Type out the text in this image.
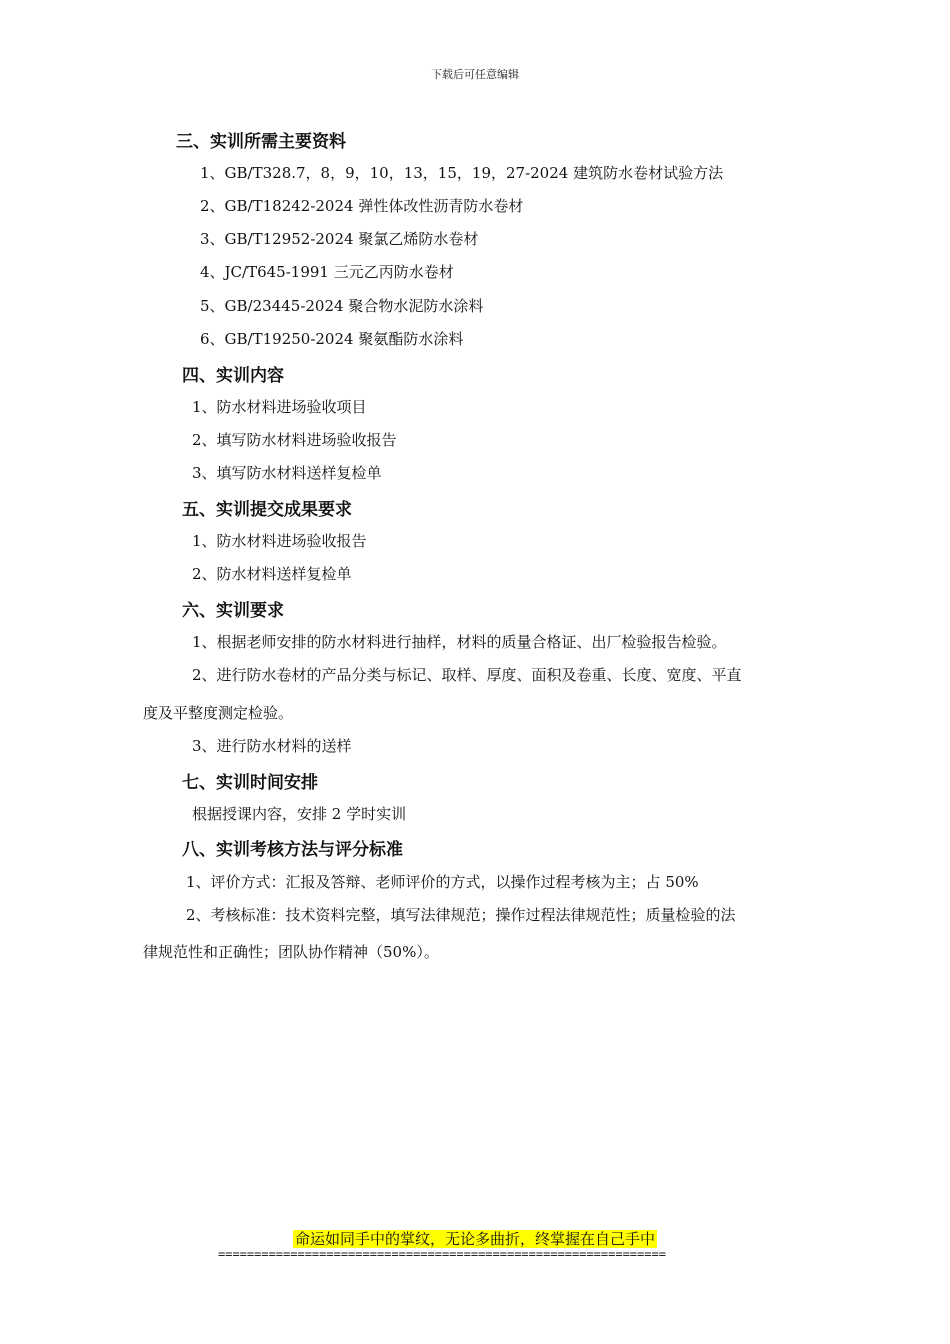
下载后可任意编辑
三、实训所需主要资料
1、GB/T328.7，8，9，10，13，15，19，27-2024 建筑防水卷材试验方法
2、GB/T18242-2024 弹性体改性沥青防水卷材
3、GB/T12952-2024 聚氯乙烯防水卷材
4、JC/T645-1991 三元乙丙防水卷材
5、GB/23445-2024 聚合物水泥防水涂料
6、GB/T19250-2024 聚氨酯防水涂料
四、实训内容
1、防水材料进场验收项目
2、填写防水材料进场验收报告
3、填写防水材料送样复检单
五、实训提交成果要求
1、防水材料进场验收报告
2、防水材料送样复检单
六、实训要求
1、根据老师安排的防水材料进行抽样，材料的质量合格证、出厂检验报告检验。
2、进行防水卷材的产品分类与标记、取样、厚度、面积及卷重、长度、宽度、平直
度及平整度测定检验。
3、进行防水材料的送样
七、实训时间安排
根据授课内容，安排 2 学时实训
八、实训考核方法与评分标准
1、评价方式：汇报及答辩、老师评价的方式，以操作过程考核为主；占 50%
2、考核标准：技术资料完整，填写法律规范；操作过程法律规范性；质量检验的法
律规范性和正确性；团队协作精神（50%）。
命运如同手中的掌纹，无论多曲折，终掌握在自己手中
==============================================================
